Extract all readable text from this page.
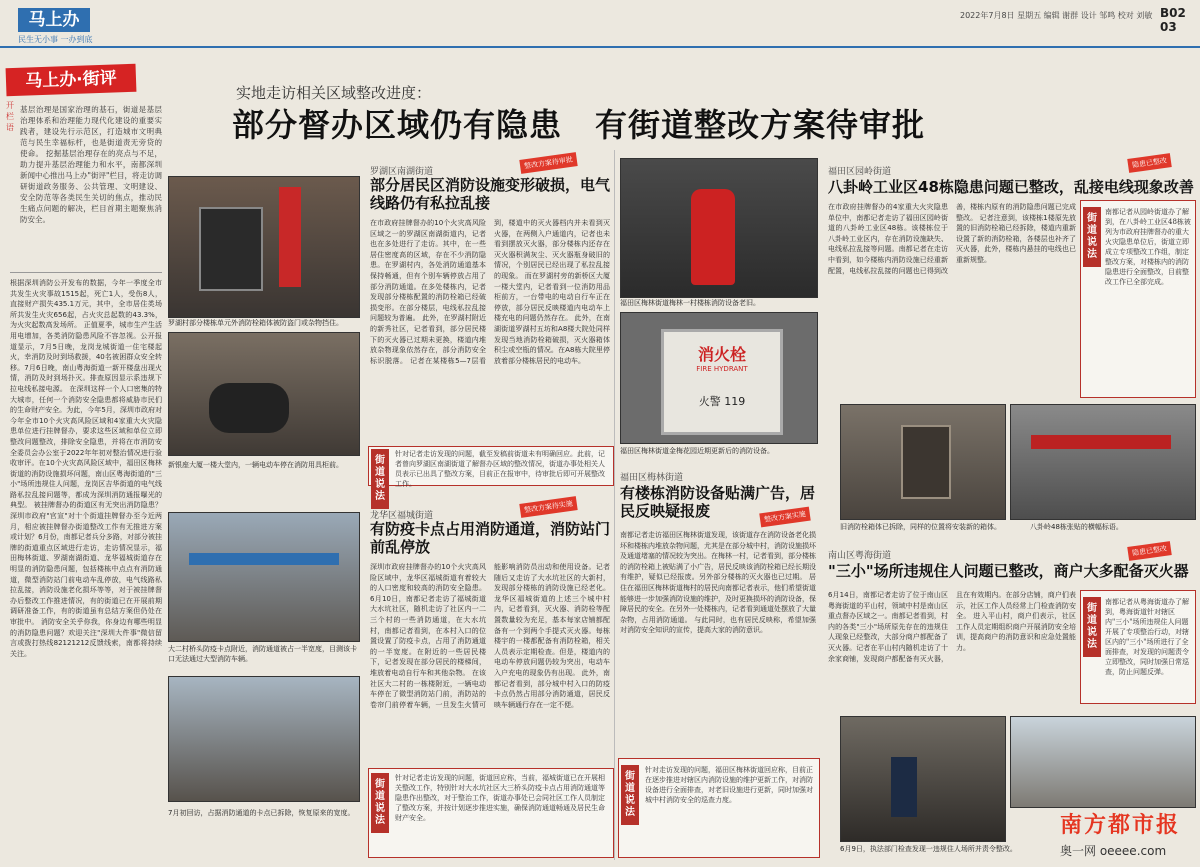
马上办
民生无小事 一办到底
2022年7月8日 星期五 编辑 谢群 设计 邹鸣 校对 刘敏 B02 03
马上办·街评
开栏语
基层治理是国家治理的基石，街道是基层治理体系和治理能力现代化建设的重要实践者，建设先行示范区，打造城市文明典范与民生幸福标杆，也是街道责无旁贷的使命。 挖掘基层治理存在的亮点与不足，助力提升基层治理能力和水平，南都深圳新闻中心推出马上办"街评"栏目，将走访调研街道政务服务、公共管理、文明建设、安全防范等各类民生关切的焦点，推动民生痛点问题的解决，栏目首期主题聚焦消防安全。
根据深圳消防公开发布的数据，今年一季度全市共发生火灾事故1515起，死亡1人，受伤8人，直接财产损失435.1万元，其中，全市居住类场所共发生火灾656起，占火灾总起数的43.3%，为火灾起数高发场所。 正值夏季，城市生产生活用电增加，各类消防隐患风险不容忽视。公开报道显示，7月5日晚，龙岗龙城街道一住宅楼起火，幸消防及时到场救援，40名被困群众安全转移。7月6日晚，南山粤海街道一新开楼盘出现火情，消防及时到场扑灭。排查原因显示系违规下拉电线私接电源。 在深圳这样一个人口密集的特大城市，任何一个消防安全隐患都将威胁市民们的生命财产安全。为此，今年5月，深圳市政府对今年全市10个火灾高风险区域和4家重大火灾隐患单位进行挂牌督办，要求这些区域和单位立即整改问题整改，排除安全隐患，并将在市消防安全委员会办公室于2022年年初对整治情况进行验收审评。在10个火灾高风险区域中，福田区梅林街道的消防设施损坏问题，南山区粤海街道的"三小"场所违规住人问题，龙岗区吉华街道的电气线路私拉乱接问题等，都成为深圳消防通报曝光的典型。 被挂牌督办的街道区有无突出消防隐患？深圳市政府"官宣"对十个街道挂牌督办至今近两月，相应被挂牌督办街道整改工作有无推进方案或计划？6月份，南都记者兵分多路，对部分被挂牌的街道重点区域进行走访，走访情况显示，福田梅林街道、罗湖南湖街道、龙华福城街道存在明显的消防隐患问题，包括楼栋中点点有消防通道，微型消防站门前电动车乱停放，电气线路私拉乱接，消防设施老化损坏等等，对于被挂牌督办后整改工作推进情况，有的街道已在开展前期调研准备工作，有的街道虽有总结方案但仍处在审批中。 消防安全关乎你我，你身边有哪些明显的消防隐患问题？欢迎关注"深圳大件事"微信留言或拨打热线82121212反馈线索，南都将持续关注。
实地走访相关区域整改进度：
部分督办区域仍有隐患　有街道整改方案待审批
罗湖村部分楼栋单元外消防栓箱体被防盗门或杂物挡住。
新银座大厦一楼大堂内，一辆电动车停在消防用具柜前。
罗湖区南湖街道
整改方案待审批
部分居民区消防设施变形破损，电气线路仍有私拉乱接
在市政府挂牌督办的10个火灾高风险区域之一的罗湖区南湖街道内，记者也在多处进行了走访。其中，在一些居住密度高的区域，存在不少消防隐患。在罗湖村内，各处消防通道基本保持畅通，但有个别车辆停放占用了部分消防通道。在多处楼栋内，记者发现部分楼栋配置的消防栓箱已经破损变形。在部分楼层，电线私拉乱接问题较为普遍。 此外，在罗湖村附近的新秀社区，记者看到，部分居民楼下的灭火器已过期未更换，楼道内堆放杂物现象依然存在，部分消防安全标识脱落。 记者在某楼栋5—7层看到，楼道中的灭火器档内并未看到灭火器，在两侧入户通道内，记者也未看到摆放灭火器，部分楼栋内还存在灭火器积满灰尘、灭火器瓶身破旧的情况，个别居民已经出现了私拉乱接的现象。 而在罗湖村旁的新桥区大厦一楼大堂内，记者看到一位消防用品柜前方，一台带电的电动自行车正在停放，部分居民反映楼道内电动车上楼充电的问题仍然存在。 此外，在南湖街道罗湖村五坊和A8楼大院处同样发现当地消防栓箱破损，灭火器箱体积尘或空瓶的情况。在A8栋大院里停放着部分楼栋居民的电动车。
街道说法
针对记者走访发现的问题，截至发稿前街道未有明确回应。此前，记者曾向罗湖区南湖街道了解督办区域的整改情况，街道办事处相关人员表示已出具了整改方案，目前正在报审中，待审批后即可开展整改工作。
大二村桥头防疫卡点附近，消防通道被占一半宽度，目测该卡口无法通过大型消防车辆。
7月初回访，占据消防通道的卡点已拆除，恢复原来的宽度。
龙华区福城街道
整改方案待实施
有防疫卡点占用消防通道，消防站门前乱停放
深圳市政府挂牌督办的10个火灾高风险区域中，龙华区福城街道有着较大的人口密度和较高的消防安全隐患。6月10日，南都记者走访了福城街道大水坑社区，随机走访了社区内一二三个村的一些消防通道，在大水坑村，南都记者看到，在本村入口的位置设置了防疫卡点，占用了消防通道的一半宽度。在附近的一些居民楼下，记者发现在部分居民的楼梯间，堆放着电动自行车和其他杂物。 在该社区大二村的一栋楼附近，一辆电动车停在了微型消防站门前，消防站的卷帘门前停着车辆，一旦发生火情可能影响消防员出动和使用设备。记者随后又走访了大水坑社区的大新村，发现部分楼栋的消防设施已经老化。 龙华区福城街道的上述三个城中村内，记者看到，灭火器、消防栓等配置数量较为充足，基本每家店铺都配备有一个到两个手提式灭火器。每栋楼宇的一楼都配备有消防栓箱，相关人员表示定期检查。但是，楼道内的电动车停放问题仍较为突出，电动车入户充电的现象仍有出现。 此外，南都记者看到，部分城中村入口的防疫卡点仍然占用部分消防通道，居民反映车辆通行存在一定不便。
街道说法
针对记者走访发现的问题，街道回应称，当前，福城街道已在开展相关整改工作，特别针对大水坑社区大三桥头防疫卡点占用消防通道等隐患作出整改，对于整治工作，街道办事处已会同社区工作人员制定了整改方案，并按计划逐步推进实施，确保消防通道畅通及居民生命财产安全。
福田区梅林街道梅林一村楼栋消防设备老旧。
消火栓
FIRE HYDRANT
火警 119
福田区梅林街道金梅花园近期更新后的消防设备。
福田区梅林街道
整改方案实施
有楼栋消防设备贴满广告，居民反映疑报废
南都记者走访福田区梅林街道发现，该街道存在消防设备老化损坏和楼栋内堆放杂物问题，尤其是在部分城中村，消防设施损坏及通道堵塞的情况较为突出。在梅林一村，记者看到，部分楼栋的消防栓箱上被贴满了小广告，居民反映该消防栓箱已经长期没有维护，疑似已经报废。另外部分楼栋的灭火器也已过期。 居住在福田区梅林街道梅村的居民向南都记者表示，他们希望街道能够进一步加强消防设施的维护，及时更换损坏的消防设备，保障居民的安全。在另外一处楼栋内，记者看到通道处摆放了大量杂物，占用消防通道。 与此同时，也有居民反映称，希望加强对消防安全知识的宣传，提高大家的消防意识。
街道说法
针对走访发现的问题，福田区梅林街道回应称，目前正在逐步推进对辖区内消防设施的维护更新工作，对消防设备进行全面排查，对老旧设施进行更新，同时加强对城中村消防安全的巡查力度。
福田区园岭街道
隐患已整改
八卦岭工业区48栋隐患问题已整改，乱接电线现象改善
在市政府挂牌督办的4家重大火灾隐患单位中，南都记者走访了福田区园岭街道的八卦岭工业区48栋。该楼栋位于八卦岭工业区内，存在消防设施缺失、电线私拉乱接等问题。南都记者在走访中看到，如今楼栋内消防设施已经重新配置，电线私拉乱接的问题也已得到改善，楼栋内原有的消防隐患问题已完成整改。 记者注意到，该楼栋1楼原先放置的旧消防栓箱已经拆除，楼道内重新设置了新的消防栓箱，各楼层也补齐了灭火器，此外，楼栋内悬挂的电线也已重新规整。
街道说法
南都记者从园岭街道办了解到，在八卦岭工业区48栋被列为市政府挂牌督办的重大火灾隐患单位后，街道立即成立专项整改工作组，制定整改方案，对楼栋内的消防隐患进行全面整改，目前整改工作已全部完成。
旧消防栓箱体已拆除，同样的位置将安装新的箱体。	八卦岭48栋张贴的横幅标语。
南山区粤海街道	隐患已整改
"三小"场所违规住人问题已整改，商户大多配备灭火器
6月14日，南都记者走访了位于南山区粤海街道的平山村，领域中村是南山区重点督办区域之一。南都记者看到，村内的各类"三小"场所原先存在的违规住人现象已经整改，大部分商户都配备了灭火器。记者在平山村内随机走访了十余家商铺，发现商户都配备有灭火器，且在有效期内。在部分店铺，商户们表示，社区工作人员经常上门检查消防安全。 进入平山村，商户们表示，社区工作人员定期组织商户开展消防安全培训，提高商户的消防意识和应急处置能力。
街道说法
南都记者从粤海街道办了解到，粤海街道针对辖区内"三小"场所违规住人问题开展了专项整治行动，对辖区内的"三小"场所进行了全面排查，对发现的问题责令立即整改，同时加强日常巡查，防止问题反弹。
6月9日，执法部门检查发现一违规住人场所并责令整改。
南方都市报
奥一网 oeeee.com
